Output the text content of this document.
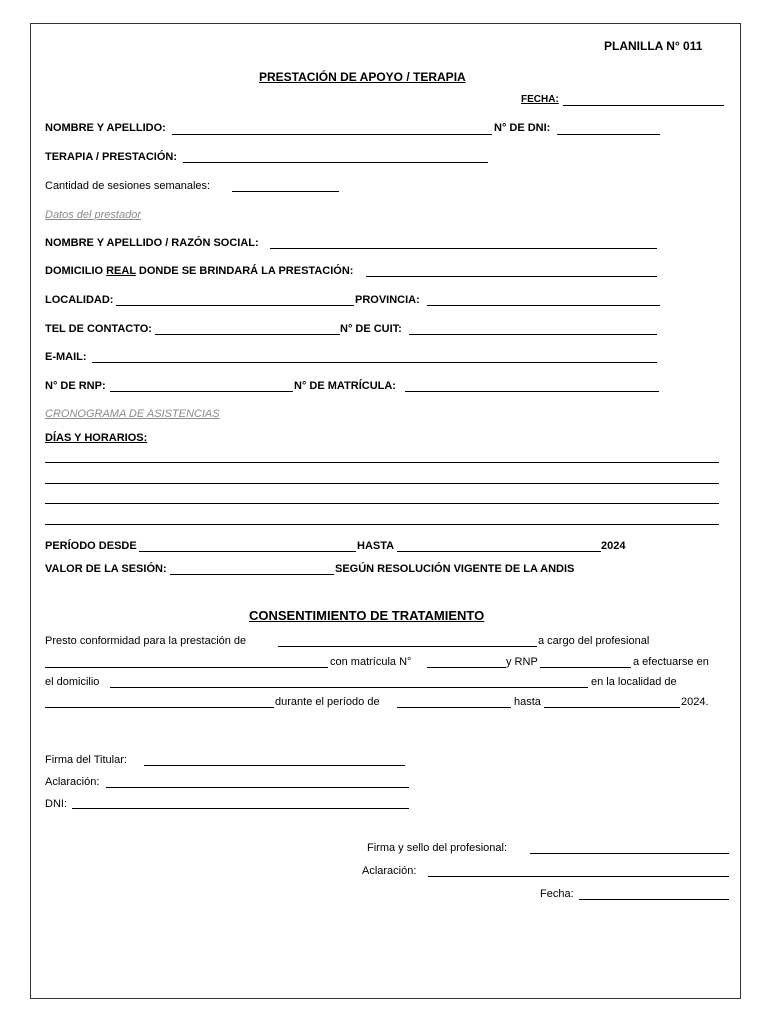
PLANILLA N° 011
PRESTACIÓN DE APOYO / TERAPIA
FECHA:
NOMBRE Y APELLIDO:	N° DE DNI:
TERAPIA / PRESTACIÓN:
Cantidad de sesiones semanales:
Datos del prestador
NOMBRE Y APELLIDO / RAZÓN SOCIAL:
DOMICILIO REAL DONDE SE BRINDARÁ LA PRESTACIÓN:
LOCALIDAD:	PROVINCIA:
TEL DE CONTACTO:	N° DE CUIT:
E-MAIL:
N° DE RNP:	N° DE MATRÍCULA:
CRONOGRAMA DE ASISTENCIAS
DÍAS Y HORARIOS:
PERÍODO DESDE	HASTA	2024
VALOR DE LA SESIÓN:	SEGÚN RESOLUCIÓN VIGENTE DE LA ANDIS
CONSENTIMIENTO DE TRATAMIENTO
Presto conformidad para la prestación de	a cargo del profesional
con matrícula N°	y RNP	a efectuarse en
el domicilio	en la localidad de
durante el período de	hasta	2024.
Firma del Titular:
Aclaración:
DNI:
Firma y sello del profesional:
Aclaración:
Fecha:
